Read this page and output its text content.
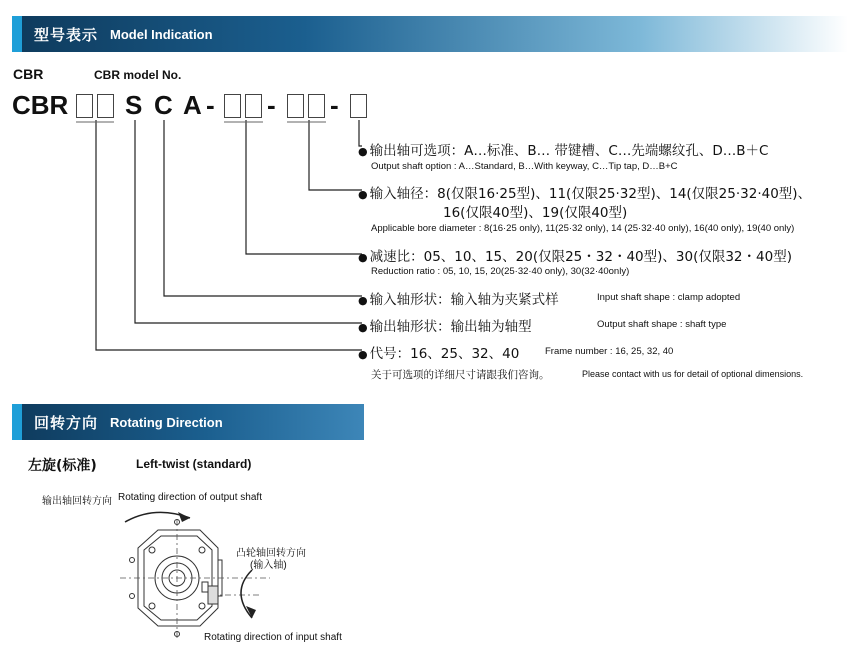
型号表示 Model Indication
CBR	CBR model No.
CBR S C A - - -
● 输出轴可选项：A…标准、B… 带键槽、C…先端螺纹孔、D…B＋C
Output shaft option : A…Standard, B…With keyway, C…Tip tap, D…B+C
● 输入轴径：8(仅限16·25型)、11(仅限25·32型)、14(仅限25·32·40型)、
16(仅限40型)、19(仅限40型)
Applicable bore diameter : 8(16·25 only), 11(25·32 only), 14 (25·32·40 only), 16(40 only), 19(40 only)
● 减速比：05、10、15、20(仅限25・32・40型)、30(仅限32・40型)
Reduction ratio : 05, 10, 15, 20(25·32·40 only), 30(32·40only)
● 输入轴形状：输入轴为夹紧式样	Input shaft shape : clamp adopted
● 输出轴形状：输出轴为轴型	Output shaft shape : shaft type
● 代号：16、25、32、40	Frame number : 16, 25, 32, 40
关于可选项的详细尺寸请跟我们咨询。	Please contact with us for detail of optional dimensions.
回转方向 Rotating Direction
左旋(标准)	Left-twist (standard)
输出轴回转方向 Rotating direction of output shaft
凸轮轴回转方向
(输入轴)
Rotating direction of input shaft
